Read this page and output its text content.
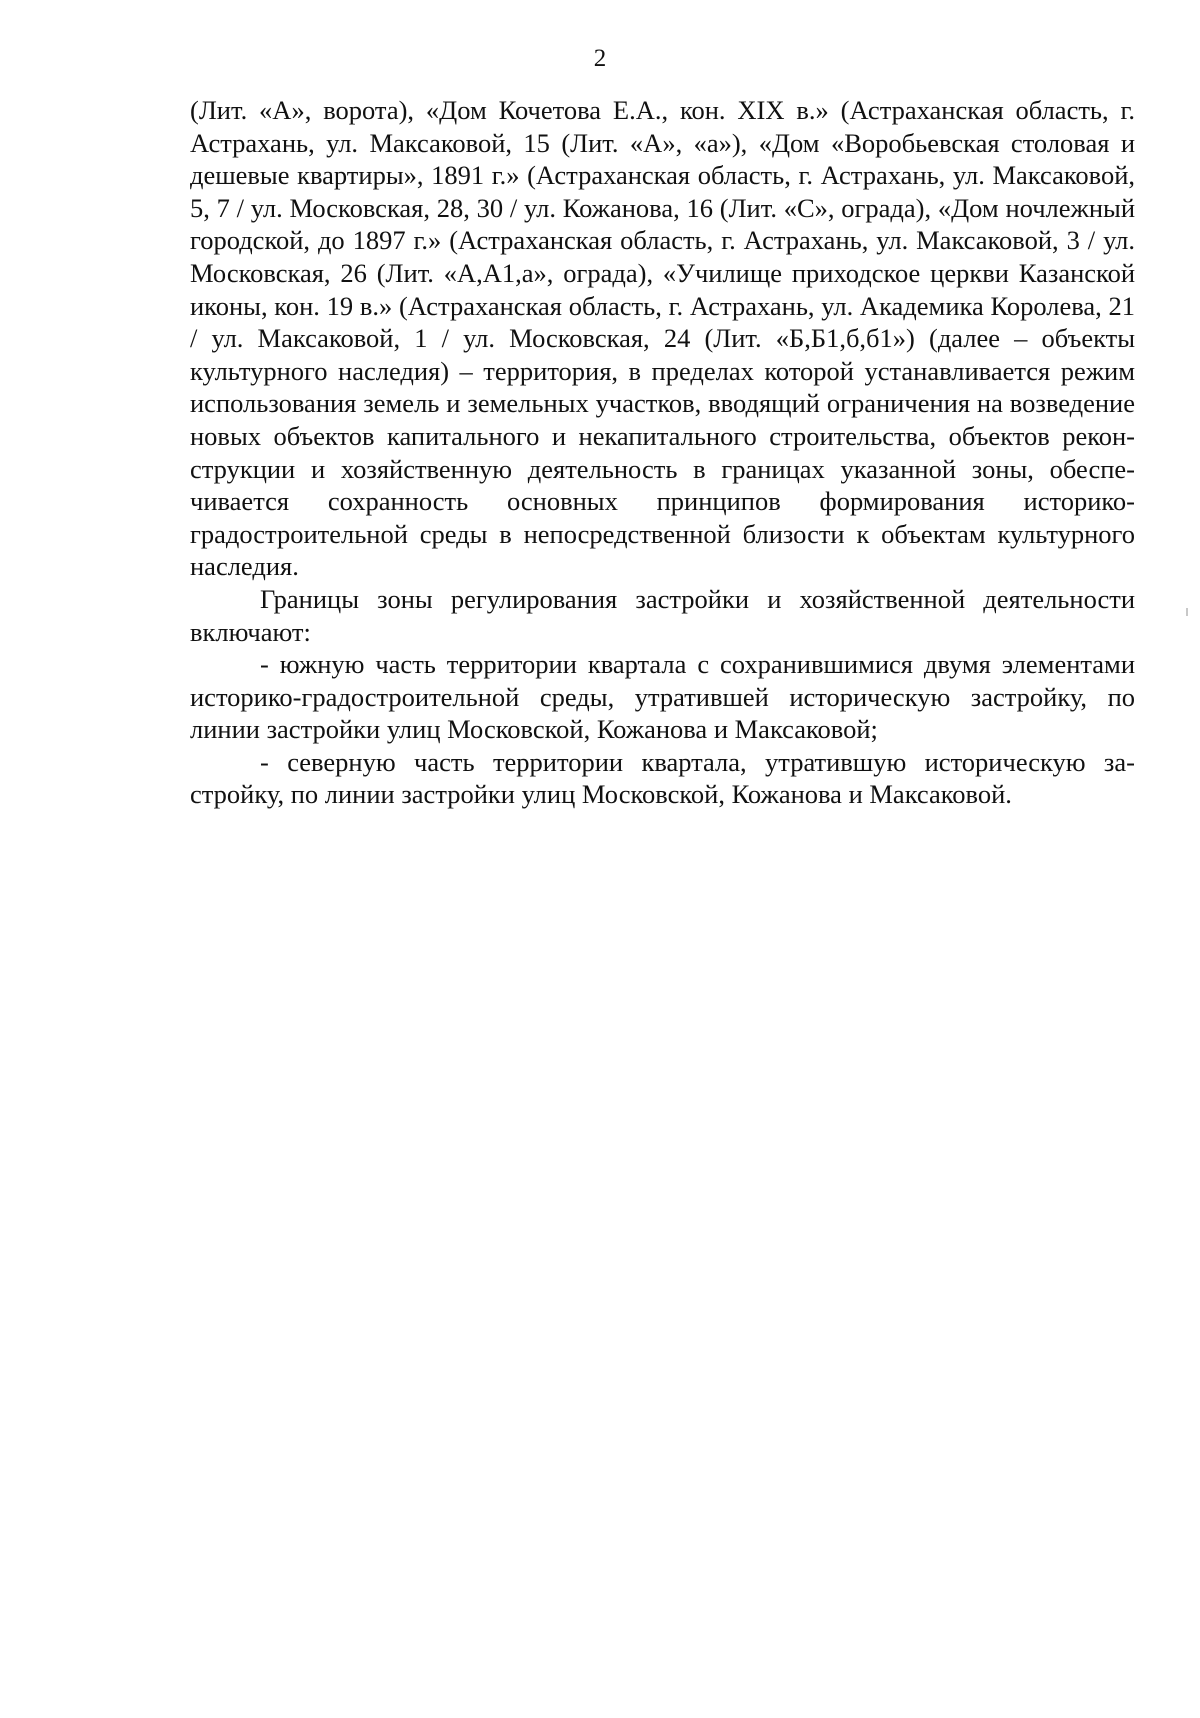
2

(Лит. «А», ворота), «Дом Кочетова Е.А., кон. XIX в.» (Астраханская область, г. Астрахань, ул. Максаковой, 15 (Лит. «А», «а»), «Дом «Воробьевская столовая и дешевые квартиры», 1891 г.» (Астраханская область, г. Астрахань, ул. Максаковой, 5, 7 / ул. Московская, 28, 30 / ул. Кожанова, 16 (Лит. «С», ограда), «Дом ночлежный городской, до 1897 г.» (Астраханская область, г. Астрахань, ул. Максаковой, 3 / ул. Московская, 26 (Лит. «А,А1,а», ограда), «Училище приходское церкви Казанской иконы, кон. 19 в.» (Астраханская область, г. Астрахань, ул. Академика Королева, 21 / ул. Максаковой, 1 / ул. Московская, 24 (Лит. «Б,Б1,б,б1») (далее – объекты культурного наследия) – территория, в пределах которой устанавливается режим использования земель и земельных участков, вводящий ограничения на возведение новых объектов капитального и некапитального строительства, объектов реконструкции и хозяйственную деятельность в границах указанной зоны, обеспечивается сохранность основных принципов формирования историкоградостроительной среды в непосредственной близости к объектам культурного наследия.

Границы зоны регулирования застройки и хозяйственной деятельности включают:

- южную часть территории квартала с сохранившимися двумя элементами историко-градостроительной среды, утратившей историческую застройку, по линии застройки улиц Московской, Кожанова и Максаковой;

- северную часть территории квартала, утратившую историческую застройку, по линии застройки улиц Московской, Кожанова и Максаковой.
